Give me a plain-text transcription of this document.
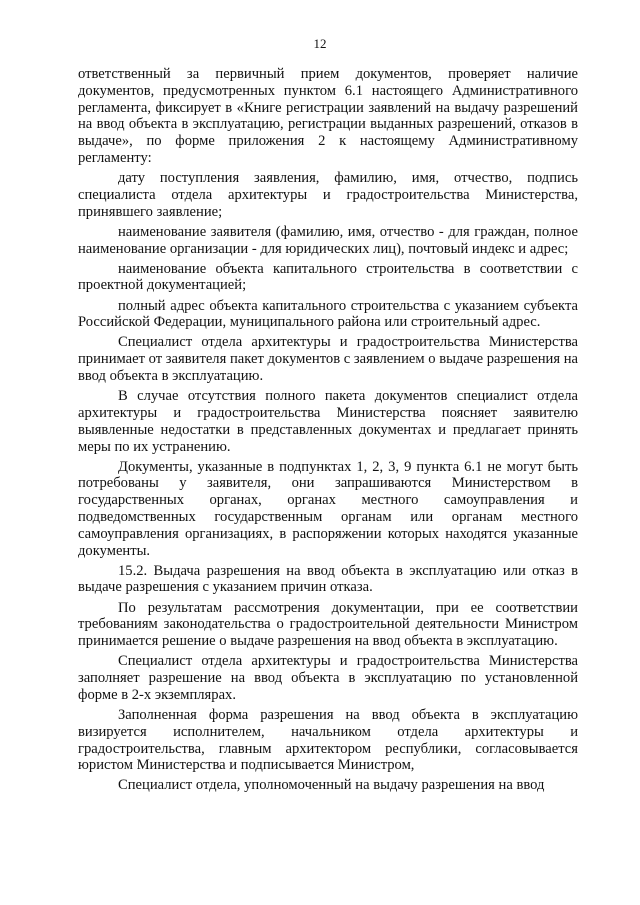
12

ответственный за первичный прием документов, проверяет наличие документов, предусмотренных пунктом 6.1 настоящего Административного регламента, фиксирует в «Книге регистрации заявлений на выдачу разрешений на ввод объекта в эксплуатацию, регистрации выданных разрешений, отказов в выдаче», по форме приложения 2 к настоящему Административному регламенту:

дату поступления заявления, фамилию, имя, отчество, подпись специалиста отдела архитектуры и градостроительства Министерства, принявшего заявление;

наименование заявителя (фамилию, имя, отчество - для граждан, полное наименование организации - для юридических лиц), почтовый индекс и адрес;

наименование объекта капитального строительства в соответствии с проектной документацией;

полный адрес объекта капитального строительства с указанием субъекта Российской Федерации, муниципального района или строительный адрес.

Специалист отдела архитектуры и градостроительства Министерства принимает от заявителя пакет документов с заявлением о выдаче разрешения на ввод объекта в эксплуатацию.

В случае отсутствия полного пакета документов специалист отдела архитектуры и градостроительства Министерства поясняет заявителю выявленные недостатки в представленных документах и предлагает принять меры по их устранению.

Документы, указанные в подпунктах 1, 2, 3, 9 пункта 6.1 не могут быть потребованы у заявителя, они запрашиваются Министерством в государственных органах, органах местного самоуправления и подведомственных государственным органам или органам местного самоуправления организациях, в распоряжении которых находятся указанные документы.

15.2. Выдача разрешения на ввод объекта в эксплуатацию или отказ в выдаче разрешения с указанием причин отказа.

По результатам рассмотрения документации, при ее соответствии требованиям законодательства о градостроительной деятельности Министром принимается решение о выдаче разрешения на ввод объекта в эксплуатацию.

Специалист отдела архитектуры и градостроительства Министерства заполняет разрешение на ввод объекта в эксплуатацию по установленной форме в 2-х экземплярах.

Заполненная форма разрешения на ввод объекта в эксплуатацию визируется исполнителем, начальником отдела архитектуры и градостроительства, главным архитектором республики, согласовывается юристом Министерства и подписывается Министром,

Специалист отдела, уполномоченный на выдачу разрешения на ввод
